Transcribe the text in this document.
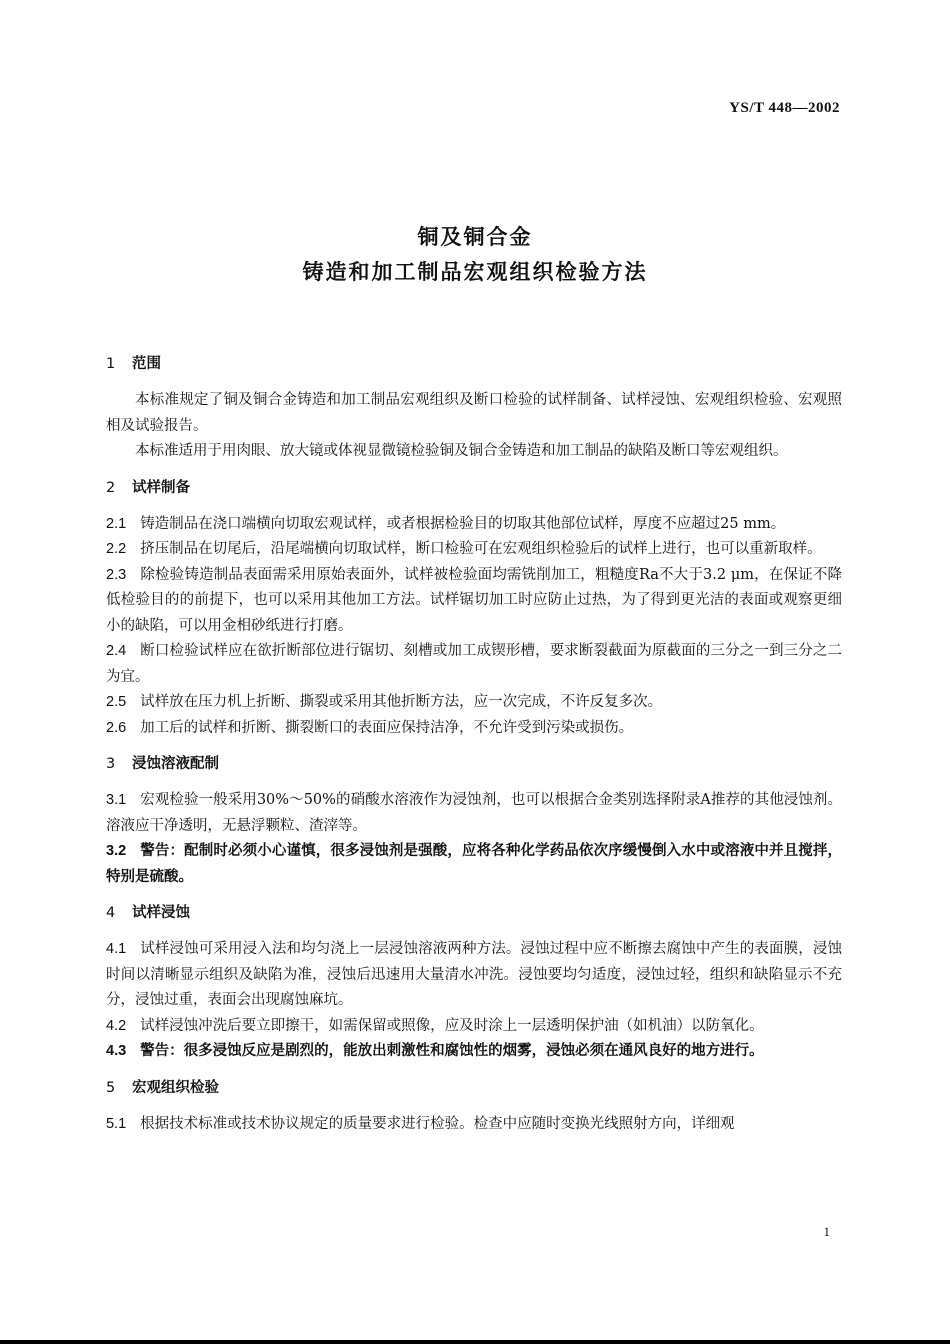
YS/T 448—2002
铜及铜合金
铸造和加工制品宏观组织检验方法
1 范围

本标准规定了铜及铜合金铸造和加工制品宏观组织及断口检验的试样制备、试样浸蚀、宏观组织检验、宏观照相及试验报告。

本标准适用于用肉眼、放大镜或体视显微镜检验铜及铜合金铸造和加工制品的缺陷及断口等宏观组织。

2 试样制备

2.1 铸造制品在浇口端横向切取宏观试样，或者根据检验目的切取其他部位试样，厚度不应超过25 mm。

2.2 挤压制品在切尾后，沿尾端横向切取试样，断口检验可在宏观组织检验后的试样上进行，也可以重新取样。

2.3 除检验铸造制品表面需采用原始表面外，试样被检验面均需铣削加工，粗糙度Ra不大于3.2 μm，在保证不降低检验目的的前提下，也可以采用其他加工方法。试样锯切加工时应防止过热，为了得到更光洁的表面或观察更细小的缺陷，可以用金相砂纸进行打磨。

2.4 断口检验试样应在欲折断部位进行锯切、刻槽或加工成锲形槽，要求断裂截面为原截面的三分之一到三分之二为宜。

2.5 试样放在压力机上折断、撕裂或采用其他折断方法，应一次完成，不许反复多次。

2.6 加工后的试样和折断、撕裂断口的表面应保持洁净，不允许受到污染或损伤。

3 浸蚀溶液配制

3.1 宏观检验一般采用30%～50%的硝酸水溶液作为浸蚀剂，也可以根据合金类别选择附录A推荐的其他浸蚀剂。溶液应干净透明，无悬浮颗粒、渣滓等。

3.2 警告：配制时必须小心谨慎，很多浸蚀剂是强酸，应将各种化学药品依次序缓慢倒入水中或溶液中并且搅拌，特别是硫酸。

4 试样浸蚀

4.1 试样浸蚀可采用浸入法和均匀浇上一层浸蚀溶液两种方法。浸蚀过程中应不断擦去腐蚀中产生的表面膜，浸蚀时间以清晰显示组织及缺陷为准，浸蚀后迅速用大量清水冲洗。浸蚀要均匀适度，浸蚀过轻，组织和缺陷显示不充分，浸蚀过重，表面会出现腐蚀麻坑。

4.2 试样浸蚀冲洗后要立即擦干，如需保留或照像，应及时涂上一层透明保护油（如机油）以防氧化。

4.3 警告：很多浸蚀反应是剧烈的，能放出刺激性和腐蚀性的烟雾，浸蚀必须在通风良好的地方进行。

5 宏观组织检验

5.1 根据技术标准或技术协议规定的质量要求进行检验。检查中应随时变换光线照射方向，详细观

1
